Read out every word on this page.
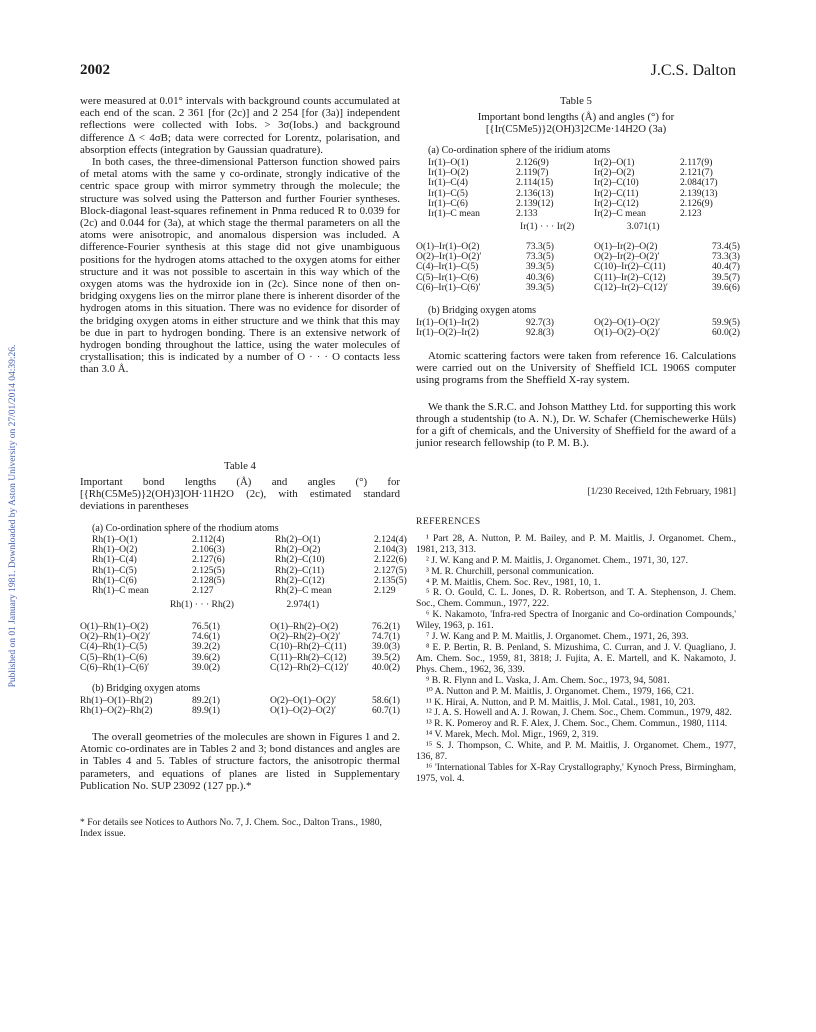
Published on 01 January 1981. Downloaded by Aston University on 27/01/2014 04:39:26.
2002	J.C.S. Dalton

were measured at 0.01° intervals with background counts accumulated at each end of the scan. 2 361 [for (2c)] and 2 254 [for (3a)] independent reflections were collected with Iobs. > 3σ(Iobs.) and background difference Δ < 4σB; data were corrected for Lorentz, polarisation, and absorption effects (integration by Gaussian quadrature).

In both cases, the three-dimensional Patterson function showed pairs of metal atoms with the same y co-ordinate, strongly indicative of the centric space group with mirror symmetry through the molecule; the structure was solved using the Patterson and further Fourier syntheses. Block-diagonal least-squares refinement in Pnma reduced R to 0.039 for (2c) and 0.044 for (3a), at which stage the thermal parameters on all the atoms were anisotropic, and anomalous dispersion was included. A difference-Fourier synthesis at this stage did not give unambiguous positions for the hydrogen atoms attached to the oxygen atoms for either structure and it was not possible to ascertain in this way which of the oxygen atoms was the hydroxide ion in (2c). Since none of then on-bridging oxygens lies on the mirror plane there is inherent disorder of the hydrogen atoms in this situation. There was no evidence for disorder of the bridging oxygen atoms in either structure and we think that this may be due in part to hydrogen bonding. There is an extensive network of hydrogen bonding throughout the lattice, using the water molecules of crystallisation; this is indicated by a number of O · · · O contacts less than 3.0 Å.

Table 4
Important bond lengths (Å) and angles (°) for [{Rh(C5Me5)}2(OH)3]OH·11H2O (2c), with estimated standard deviations in parentheses
(a) Co-ordination sphere of the rhodium atoms
Rh(1)–O(1)	2.112(4)	Rh(2)–O(1)	2.124(4)
Rh(1)–O(2)	2.106(3)	Rh(2)–O(2)	2.104(3)
Rh(1)–C(4)	2.127(6)	Rh(2)–C(10)	2.122(6)
Rh(1)–C(5)	2.125(5)	Rh(2)–C(11)	2.127(5)
Rh(1)–C(6)	2.128(5)	Rh(2)–C(12)	2.135(5)
Rh(1)–C mean	2.127	Rh(2)–C mean	2.129
Rh(1) · · · Rh(2)	2.974(1)
O(1)–Rh(1)–O(2)	76.5(1)	O(1)–Rh(2)–O(2)	76.2(1)
O(2)–Rh(1)–O(2)′	74.6(1)	O(2)–Rh(2)–O(2)′	74.7(1)
C(4)–Rh(1)–C(5)	39.2(2)	C(10)–Rh(2)–C(11)	39.0(3)
C(5)–Rh(1)–C(6)	39.6(2)	C(11)–Rh(2)–C(12)	39.5(2)
C(6)–Rh(1)–C(6)′	39.0(2)	C(12)–Rh(2)–C(12)′ 40.0(2)
(b) Bridging oxygen atoms
Rh(1)–O(1)–Rh(2)	89.2(1)	O(2)–O(1)–O(2)′	58.6(1)
Rh(1)–O(2)–Rh(2)	89.9(1)	O(1)–O(2)–O(2)′	60.7(1)

The overall geometries of the molecules are shown in Figures 1 and 2. Atomic co-ordinates are in Tables 2 and 3; bond distances and angles are in Tables 4 and 5. Tables of structure factors, the anisotropic thermal parameters, and equations of planes are listed in Supplementary Publication No. SUP 23092 (127 pp.).*

* For details see Notices to Authors No. 7, J. Chem. Soc., Dalton Trans., 1980, Index issue.
Table 5
Important bond lengths (Å) and angles (°) for [{Ir(C5Me5)}2(OH)3]2CMe·14H2O (3a)
(a) Co-ordination sphere of the iridium atoms
Ir(1)–O(1)	2.126(9)	Ir(2)–O(1)	2.117(9)
Ir(1)–O(2)	2.119(7)	Ir(2)–O(2)	2.121(7)
Ir(1)–C(4)	2.114(15)	Ir(2)–C(10)	2.084(17)
Ir(1)–C(5)	2.136(13)	Ir(2)–C(11)	2.139(13)
Ir(1)–C(6)	2.139(12)	Ir(2)–C(12)	2.126(9)
Ir(1)–C mean	2.133	Ir(2)–C mean	2.123
Ir(1) · · · Ir(2)	3.071(1)
O(1)–Ir(1)–O(2)	73.3(5)	O(1)–Ir(2)–O(2)	73.4(5)
O(2)–Ir(1)–O(2)′	73.3(5)	O(2)–Ir(2)–O(2)′	73.3(3)
C(4)–Ir(1)–C(5)	39.3(5)	C(10)–Ir(2)–C(11)	40.4(7)
C(5)–Ir(1)–C(6)	40.3(6)	C(11)–Ir(2)–C(12)	39.5(7)
C(6)–Ir(1)–C(6)′	39.3(5)	C(12)–Ir(2)–C(12)′	39.6(6)
(b) Bridging oxygen atoms
Ir(1)–O(1)–Ir(2)	92.7(3)	O(2)–O(1)–O(2)′	59.9(5)
Ir(1)–O(2)–Ir(2)	92.8(3)	O(1)–O(2)–O(2)′	60.0(2)

Atomic scattering factors were taken from reference 16. Calculations were carried out on the University of Sheffield ICL 1906S computer using programs from the Sheffield X-ray system.

We thank the S.R.C. and Johson Matthey Ltd. for supporting this work through a studentship (to A. N.), Dr. W. Schafer (Chemischewerke Hüls) for a gift of chemicals, and the University of Sheffield for the award of a junior research fellowship (to P. M. B.).

[1/230 Received, 12th February, 1981]

REFERENCES

¹ Part 28, A. Nutton, P. M. Bailey, and P. M. Maitlis, J. Organomet. Chem., 1981, 213, 313.

² J. W. Kang and P. M. Maitlis, J. Organomet. Chem., 1971, 30, 127.

³ M. R. Churchill, personal communication.

⁴ P. M. Maitlis, Chem. Soc. Rev., 1981, 10, 1.

⁵ R. O. Gould, C. L. Jones, D. R. Robertson, and T. A. Stephenson, J. Chem. Soc., Chem. Commun., 1977, 222.

⁶ K. Nakamoto, 'Infra-red Spectra of Inorganic and Co-ordination Compounds,' Wiley, 1963, p. 161.

⁷ J. W. Kang and P. M. Maitlis, J. Organomet. Chem., 1971, 26, 393.

⁸ E. P. Bertin, R. B. Penland, S. Mizushima, C. Curran, and J. V. Quagliano, J. Am. Chem. Soc., 1959, 81, 3818; J. Fujita, A. E. Martell, and K. Nakamoto, J. Phys. Chem., 1962, 36, 339.

⁹ B. R. Flynn and L. Vaska, J. Am. Chem. Soc., 1973, 94, 5081.

¹⁰ A. Nutton and P. M. Maitlis, J. Organomet. Chem., 1979, 166, C21.

¹¹ K. Hirai, A. Nutton, and P. M. Maitlis, J. Mol. Catal., 1981, 10, 203.

¹² J. A. S. Howell and A. J. Rowan, J. Chem. Soc., Chem. Commun., 1979, 482.

¹³ R. K. Pomeroy and R. F. Alex, J. Chem. Soc., Chem. Commun., 1980, 1114.

¹⁴ V. Marek, Mech. Mol. Migr., 1969, 2, 319.

¹⁵ S. J. Thompson, C. White, and P. M. Maitlis, J. Organomet. Chem., 1977, 136, 87.

¹⁶ 'International Tables for X-Ray Crystallography,' Kynoch Press, Birmingham, 1975, vol. 4.
